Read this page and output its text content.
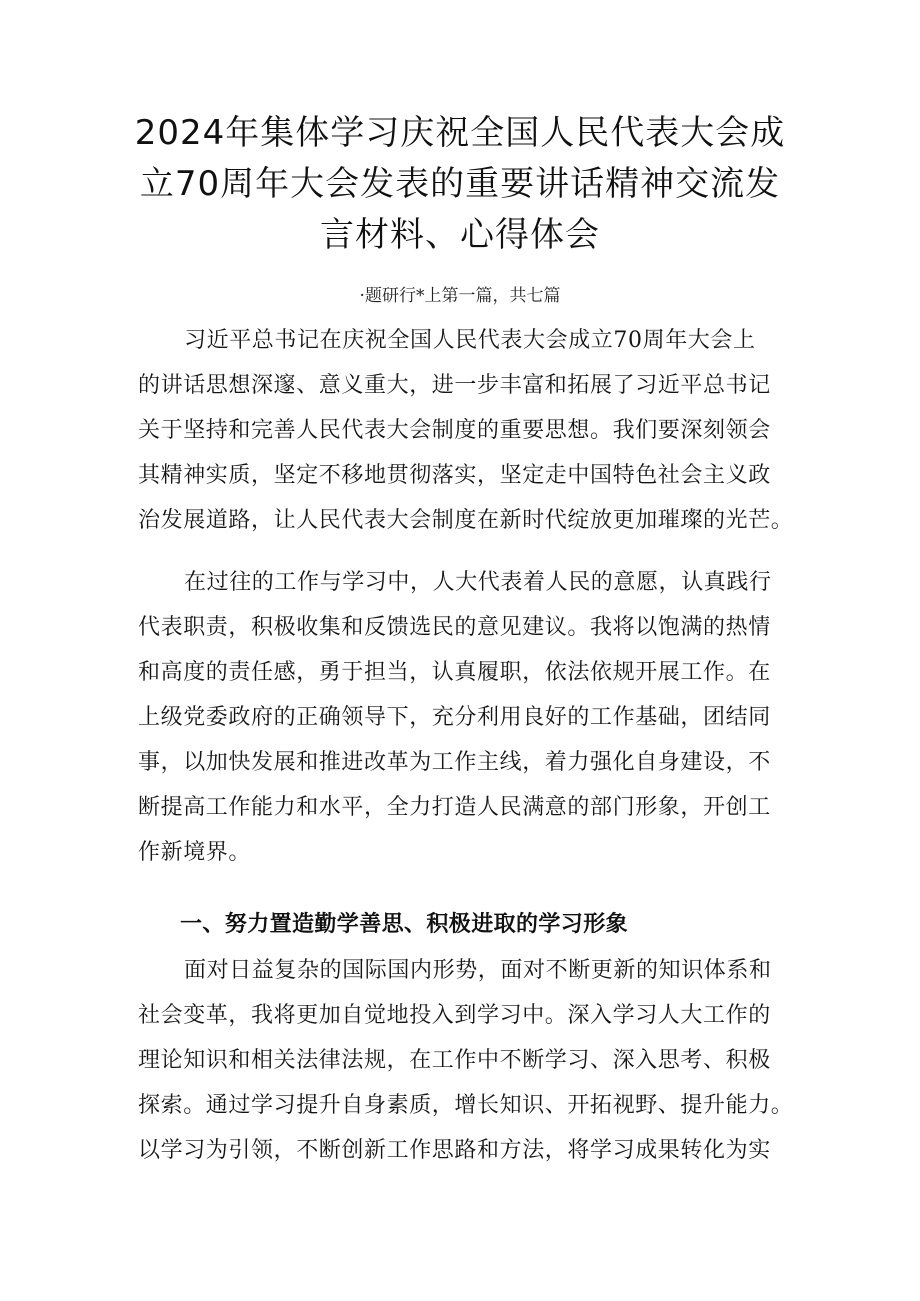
2024年集体学习庆祝全国人民代表大会成
立70周年大会发表的重要讲话精神交流发
言材料、心得体会
·题研行*上第一篇，共七篇
习近平总书记在庆祝全国人民代表大会成立70周年大会上
的讲话思想深邃、意义重大，进一步丰富和拓展了习近平总书记
关于坚持和完善人民代表大会制度的重要思想。我们要深刻领会
其精神实质，坚定不移地贯彻落实，坚定走中国特色社会主义政
治发展道路，让人民代表大会制度在新时代绽放更加璀璨的光芒。
在过往的工作与学习中，人大代表着人民的意愿，认真践行
代表职责，积极收集和反馈选民的意见建议。我将以饱满的热情
和高度的责任感，勇于担当，认真履职，依法依规开展工作。在
上级党委政府的正确领导下，充分利用良好的工作基础，团结同
事，以加快发展和推进改革为工作主线，着力强化自身建设，不
断提高工作能力和水平，全力打造人民满意的部门形象，开创工
作新境界。
一、努力置造勤学善思、积极进取的学习形象
面对日益复杂的国际国内形势，面对不断更新的知识体系和
社会变革，我将更加自觉地投入到学习中。深入学习人大工作的
理论知识和相关法律法规，在工作中不断学习、深入思考、积极
探索。通过学习提升自身素质，增长知识、开拓视野、提升能力。
以学习为引领，不断创新工作思路和方法，将学习成果转化为实
